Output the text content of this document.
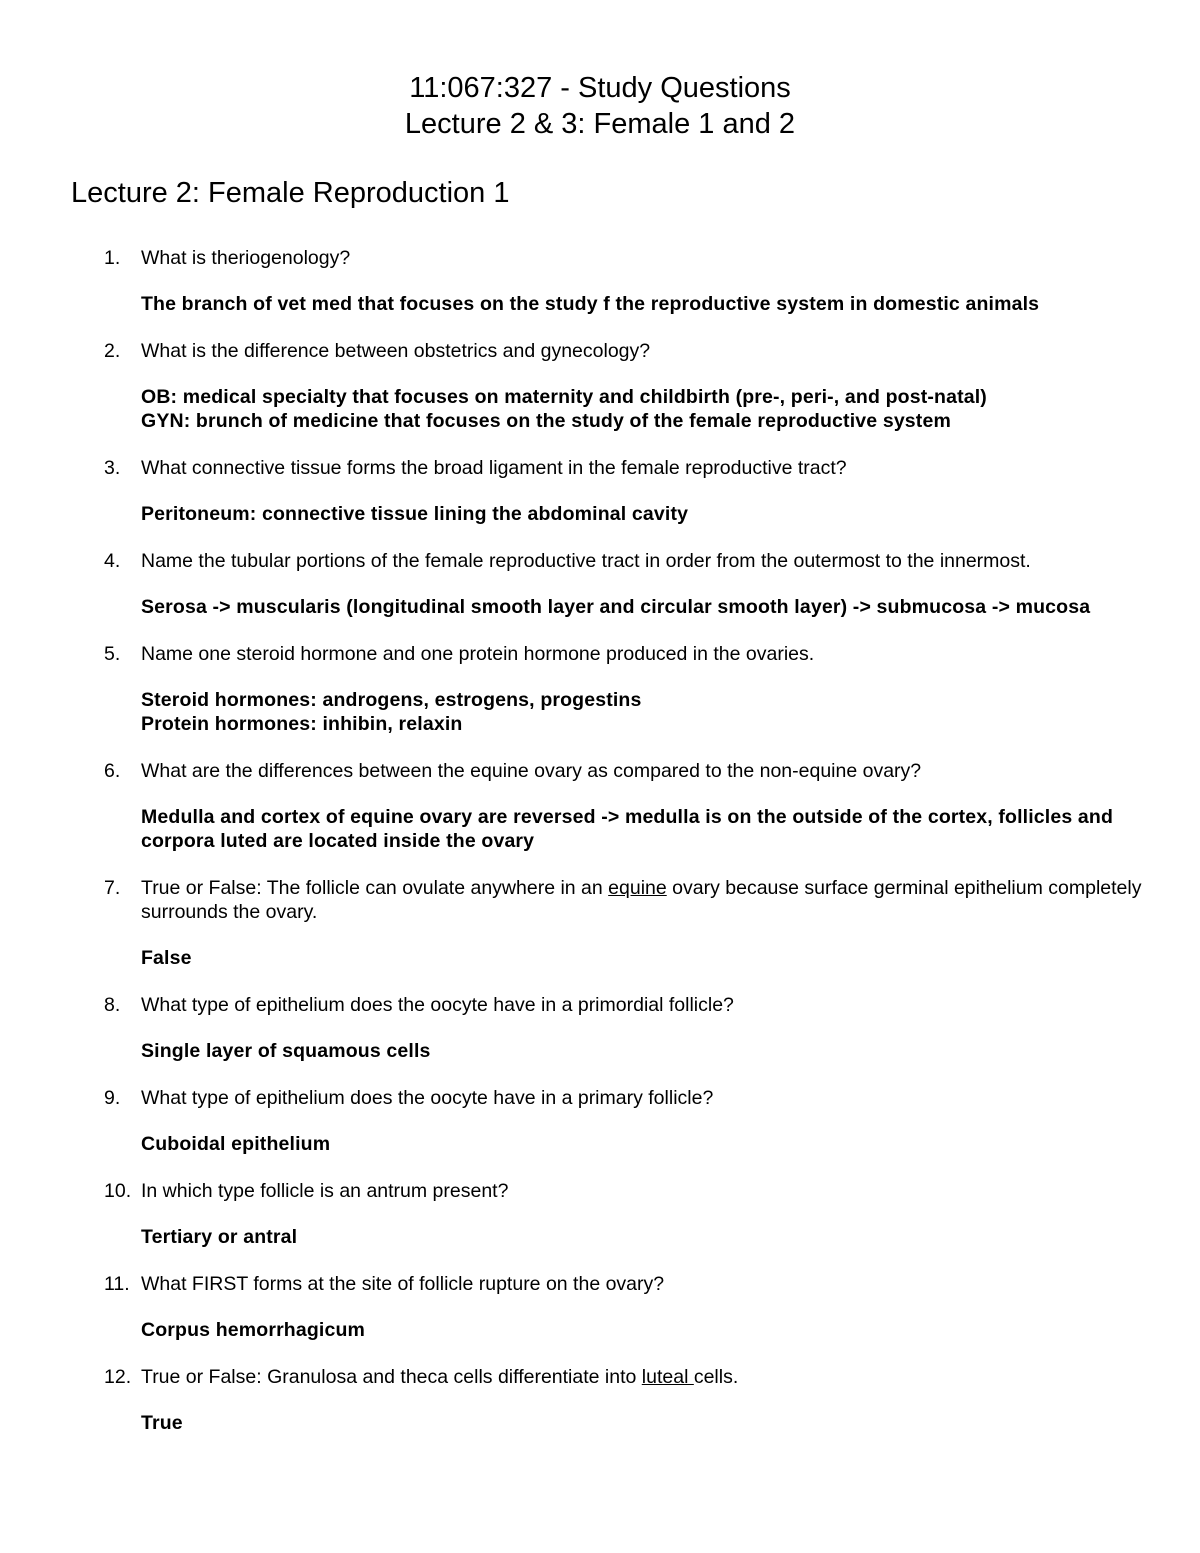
11:067:327 - Study Questions
Lecture 2 & 3: Female 1 and 2
Lecture 2: Female Reproduction 1
1. What is theriogenology?
The branch of vet med that focuses on the study f the reproductive system in domestic animals
2. What is the difference between obstetrics and gynecology?
OB: medical specialty that focuses on maternity and childbirth (pre-, peri-, and post-natal)
GYN: brunch of medicine that focuses on the study of the female reproductive system
3. What connective tissue forms the broad ligament in the female reproductive tract?
Peritoneum: connective tissue lining the abdominal cavity
4. Name the tubular portions of the female reproductive tract in order from the outermost to the innermost.
Serosa -> muscularis (longitudinal smooth layer and circular smooth layer) -> submucosa -> mucosa
5. Name one steroid hormone and one protein hormone produced in the ovaries.
Steroid hormones: androgens, estrogens, progestins
Protein hormones: inhibin, relaxin
6. What are the differences between the equine ovary as compared to the non-equine ovary?
Medulla and cortex of equine ovary are reversed -> medulla is on the outside of the cortex, follicles and corpora luted are located inside the ovary
7. True or False: The follicle can ovulate anywhere in an equine ovary because surface germinal epithelium completely surrounds the ovary.
False
8. What type of epithelium does the oocyte have in a primordial follicle?
Single layer of squamous cells
9. What type of epithelium does the oocyte have in a primary follicle?
Cuboidal epithelium
10. In which type follicle is an antrum present?
Tertiary or antral
11. What FIRST forms at the site of follicle rupture on the ovary?
Corpus hemorrhagicum
12. True or False: Granulosa and theca cells differentiate into luteal cells.
True
